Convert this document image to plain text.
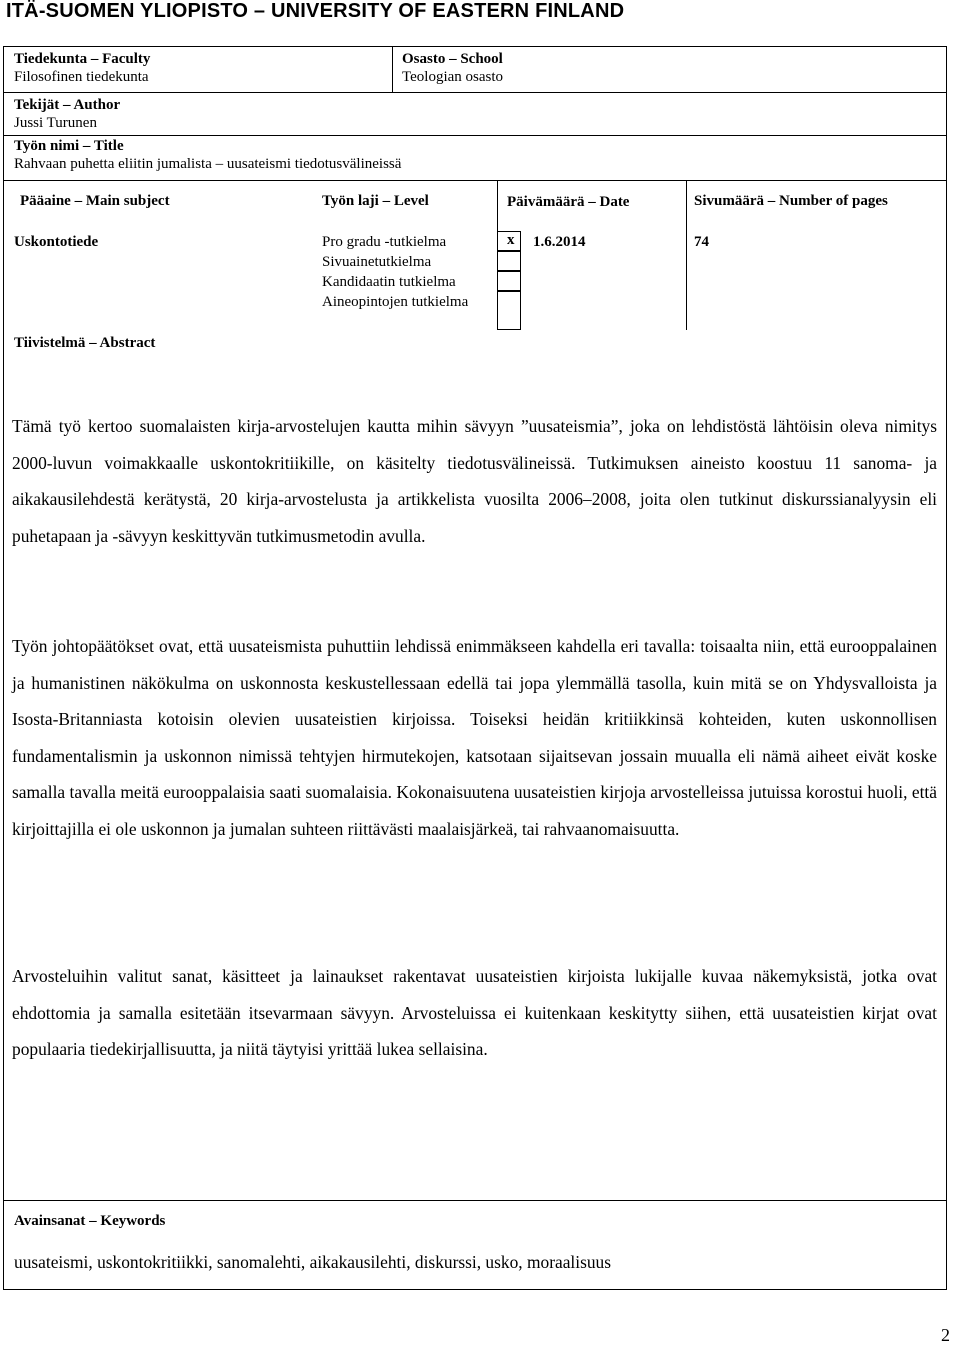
ITÄ-SUOMEN YLIOPISTO – UNIVERSITY OF EASTERN FINLAND
Tiedekunta – Faculty
Filosofinen tiedekunta
Osasto – School
Teologian osasto
Tekijät – Author
Jussi Turunen
Työn nimi – Title
Rahvaan puhetta eliitin jumalista – uusateismi tiedotusvälineissä
Pääaine – Main subject
Uskontotiede
Työn laji – Level
Pro gradu -tutkielma
Sivuainetutkielma
Kandidaatin tutkielma
Aineopintojen tutkielma
x
Päivämäärä – Date
1.6.2014
Sivumäärä – Number of pages
74
Tiivistelmä – Abstract
Tämä työ kertoo suomalaisten kirja-arvostelujen kautta mihin sävyyn ”uusateismia”, joka on lehdistöstä lähtöisin oleva nimitys 2000-luvun voimakkaalle uskontokritiikille, on käsitelty tiedotusvälineissä. Tutkimuksen aineisto koostuu 11 sanoma- ja aikakausilehdestä kerätystä, 20 kirja-arvostelusta ja artikkelista vuosilta 2006–2008, joita olen tutkinut diskurssianalyysin eli puhetapaan ja -sävyyn keskittyvän tutkimusmetodin avulla.
Työn johtopäätökset ovat, että uusateismista puhuttiin lehdissä enimmäkseen kahdella eri tavalla: toisaalta niin, että eurooppalainen ja humanistinen näkökulma on uskonnosta keskustellessaan edellä tai jopa ylemmällä tasolla, kuin mitä se on Yhdysvalloista ja Isosta-Britanniasta kotoisin olevien uusateistien kirjoissa. Toiseksi heidän kritiikkinsä kohteiden, kuten uskonnollisen fundamentalismin ja uskonnon nimissä tehtyjen hirmutekojen, katsotaan sijaitsevan jossain muualla eli nämä aiheet eivät koske samalla tavalla meitä eurooppalaisia saati suomalaisia. Kokonaisuutena uusateistien kirjoja arvostelleissa jutuissa korostui huoli, että kirjoittajilla ei ole uskonnon ja jumalan suhteen riittävästi maalaisjärkeä, tai rahvaanomaisuutta.
Arvosteluihin valitut sanat, käsitteet ja lainaukset rakentavat uusateistien kirjoista lukijalle kuvaa näkemyksistä, jotka ovat ehdottomia ja samalla esitetään itsevarmaan sävyyn. Arvosteluissa ei kuitenkaan keskitytty siihen, että uusateistien kirjat ovat populaaria tiedekirjallisuutta, ja niitä täytyisi yrittää lukea sellaisina.
Avainsanat – Keywords
uusateismi, uskontokritiikki, sanomalehti, aikakausilehti, diskurssi, usko, moraalisuus
2
